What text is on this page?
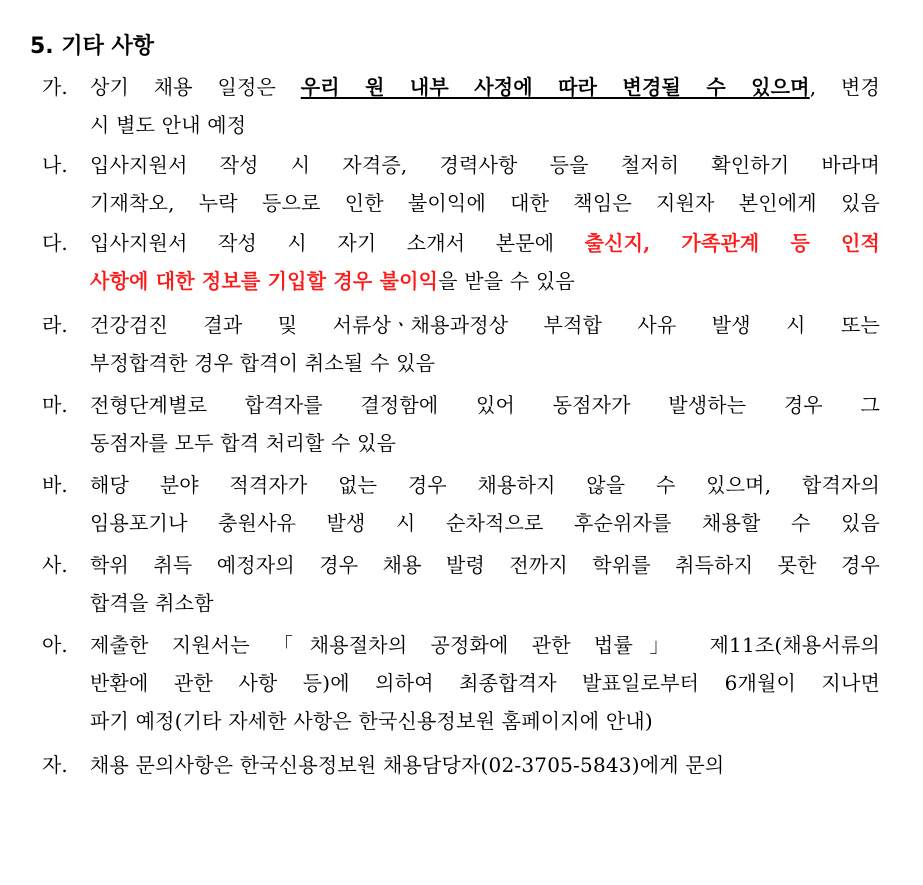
5. 기타 사항
가. 상기 채용 일정은 우리 원 내부 사정에 따라 변경될 수 있으며, 변경
시 별도 안내 예정
나. 입사지원서 작성 시 자격증, 경력사항 등을 철저히 확인하기 바라며
기재착오, 누락 등으로 인한 불이익에 대한 책임은 지원자 본인에게 있음
다. 입사지원서 작성 시 자기 소개서 본문에 출신지, 가족관계 등 인적
사항에 대한 정보를 기입할 경우 불이익을 받을 수 있음
라. 건강검진 결과 및 서류상ㆍ채용과정상 부적합 사유 발생 시 또는
부정합격한 경우 합격이 취소될 수 있음
마. 전형단계별로 합격자를 결정함에 있어 동점자가 발생하는 경우 그
동점자를 모두 합격 처리할 수 있음
바. 해당 분야 적격자가 없는 경우 채용하지 않을 수 있으며, 합격자의
임용포기나 충원사유 발생 시 순차적으로 후순위자를 채용할 수 있음
사. 학위 취득 예정자의 경우 채용 발령 전까지 학위를 취득하지 못한 경우
합격을 취소함
아. 제출한 지원서는 「채용절차의 공정화에 관한 법률」 제11조(채용서류의
반환에 관한 사항 등)에 의하여 최종합격자 발표일로부터 6개월이 지나면
파기 예정(기타 자세한 사항은 한국신용정보원 홈페이지에 안내)
자. 채용 문의사항은 한국신용정보원 채용담당자(02-3705-5843)에게 문의
